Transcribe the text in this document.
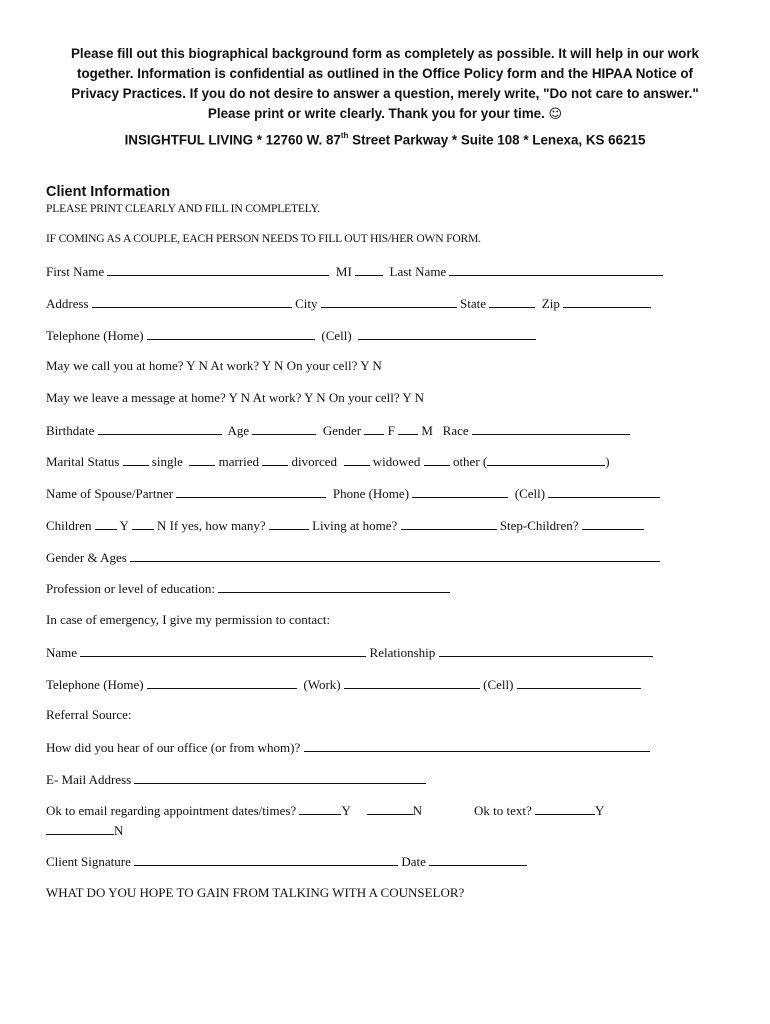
Please fill out this biographical background form as completely as possible. It will help in our work
together. Information is confidential as outlined in the Office Policy form and the HIPAA Notice of
Privacy Practices. If you do not desire to answer a question, merely write, "Do not care to answer."
Please print or write clearly. Thank you for your time. ☺
INSIGHTFUL LIVING * 12760 W. 87th Street Parkway * Suite 108 * Lenexa, KS 66215
Client Information
PLEASE PRINT CLEARLY AND FILL IN COMPLETELY.
IF COMING AS A COUPLE, EACH PERSON NEEDS TO FILL OUT HIS/HER OWN FORM.
First Name	MI	Last Name
Address	City	State	Zip
Telephone (Home)	(Cell)
May we call you at home? Y N At work? Y N On your cell? Y N
May we leave a message at home? Y N At work? Y N On your cell? Y N
Birthdate	Age	Gender F M Race
Marital Status	single	married	divorced	widowed	other (	)
Name of Spouse/Partner	Phone (Home)	(Cell)
Children Y N If yes, how many?	Living at home?	Step-Children?
Gender & Ages
Profession or level of education:
In case of emergency, I give my permission to contact:
Name	Relationship
Telephone (Home)	(Work)	(Cell)
Referral Source:
How did you hear of our office (or from whom)?
E- Mail Address
Ok to email regarding appointment dates/times?	Y	N	Ok to text?	Y
N
Client Signature	Date
WHAT DO YOU HOPE TO GAIN FROM TALKING WITH A COUNSELOR?
